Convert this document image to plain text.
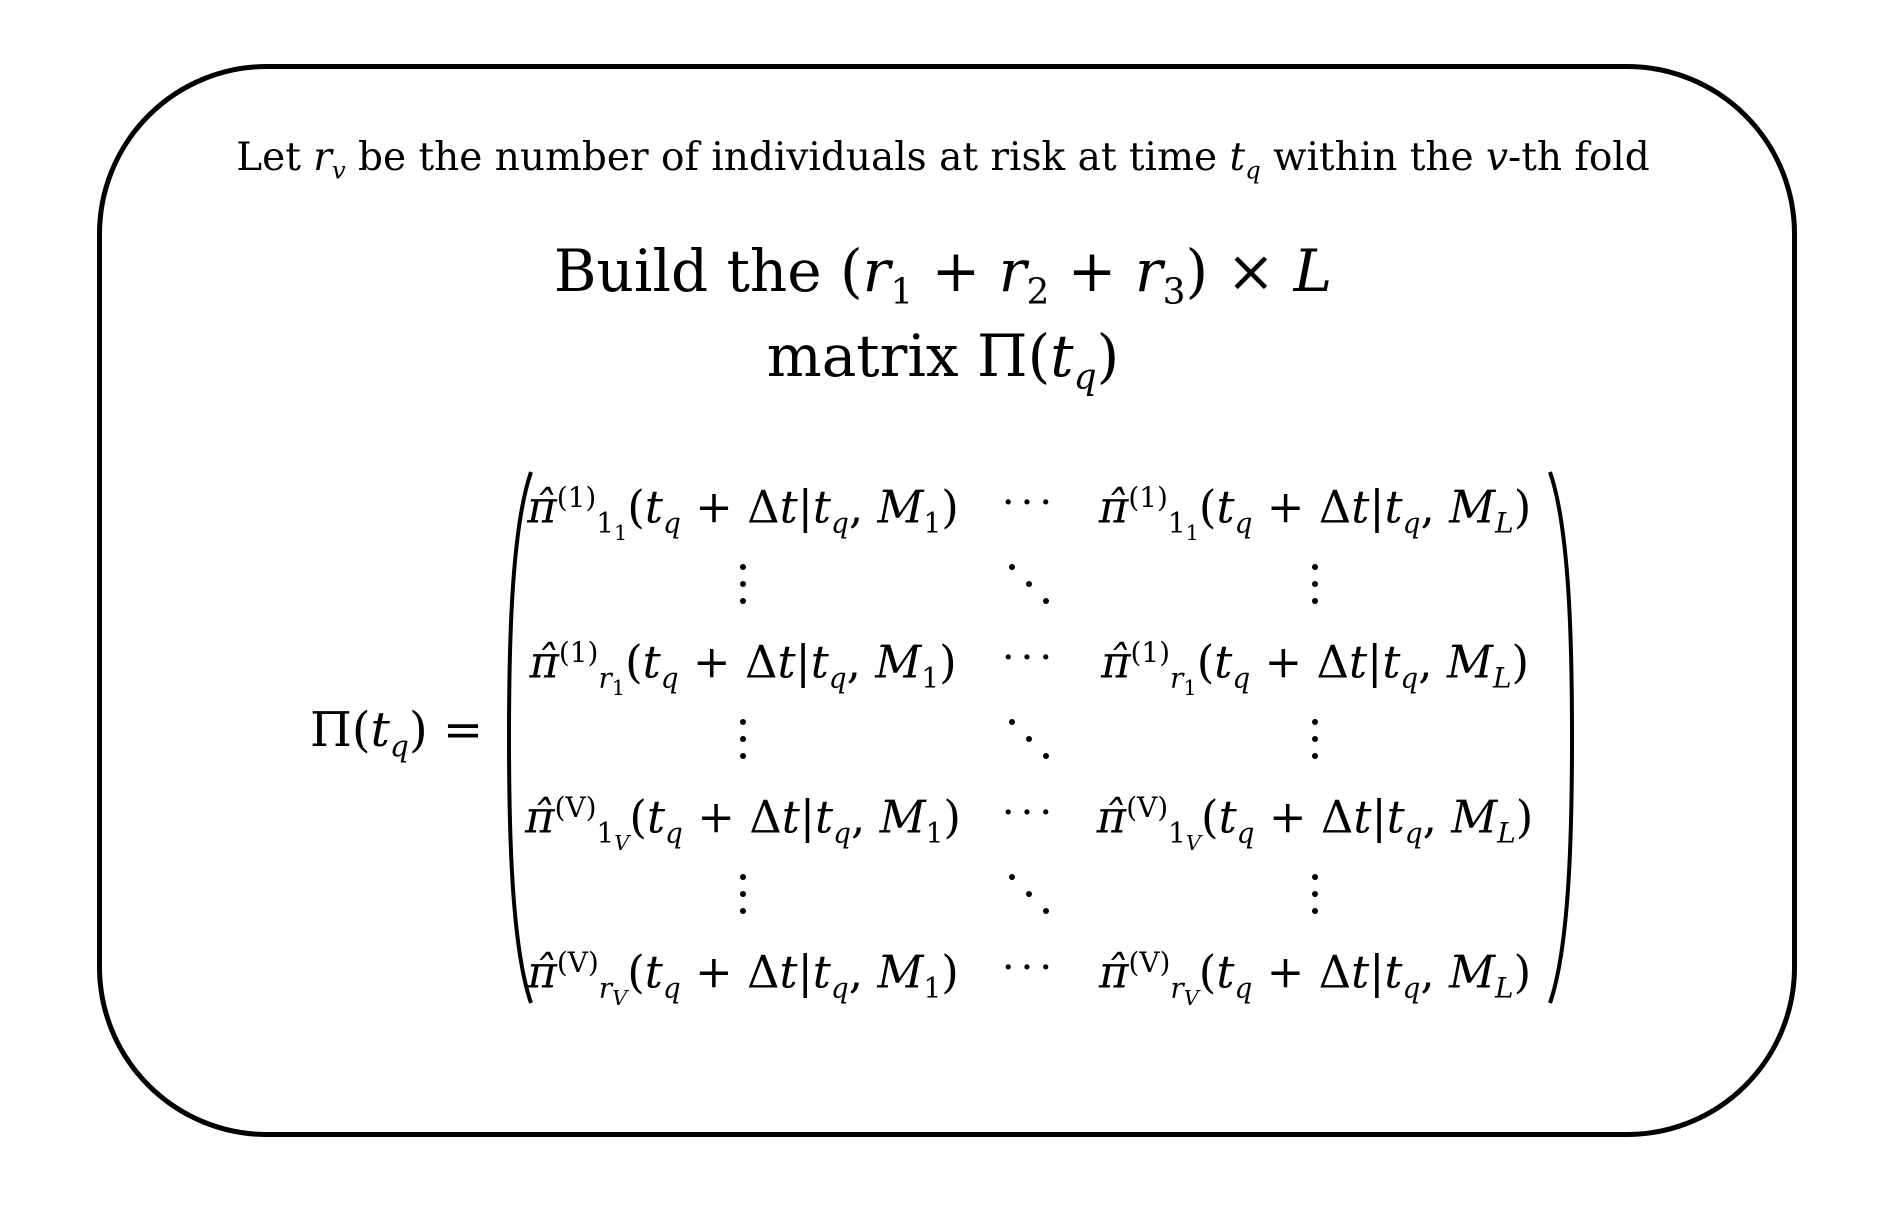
Let $r_v$ be the number of individuals at risk at time $t_q$ within the v-th fold
Build the $(r_1 + r_2 + r_3) \times L$
matrix $\Pi(t_q)$
$\Pi(t_q)$ =
$\pî^{(1)}_{1_1}(t_q + \Delta t|t_q$, $M_1$) ··· $\pî^{(1)}_{1_1}(t_q + \Delta t|t_q$, $M_L$)
$\pî^{(1)}_{r_1}(t_q + \Delta t|t_q$, $M_1$) ··· $\pî^{(1)}_{r_1}(t_q + \Delta t|t_q$, $M_L$)
$\pî^{(V)}_{1_V}(t_q + \Delta t|t_q$, $M_1$) ··· $\pî^{(V)}_{1_V}(t_q + \Delta t|t_q$, $M_L$)
$\pî^{(V)}_{r_V}(t_q + \Delta t|t_q$, $M_1$) ··· $\pî^{(V)}_{r_V}(t_q + \Delta t|t_q$, $M_L$)
